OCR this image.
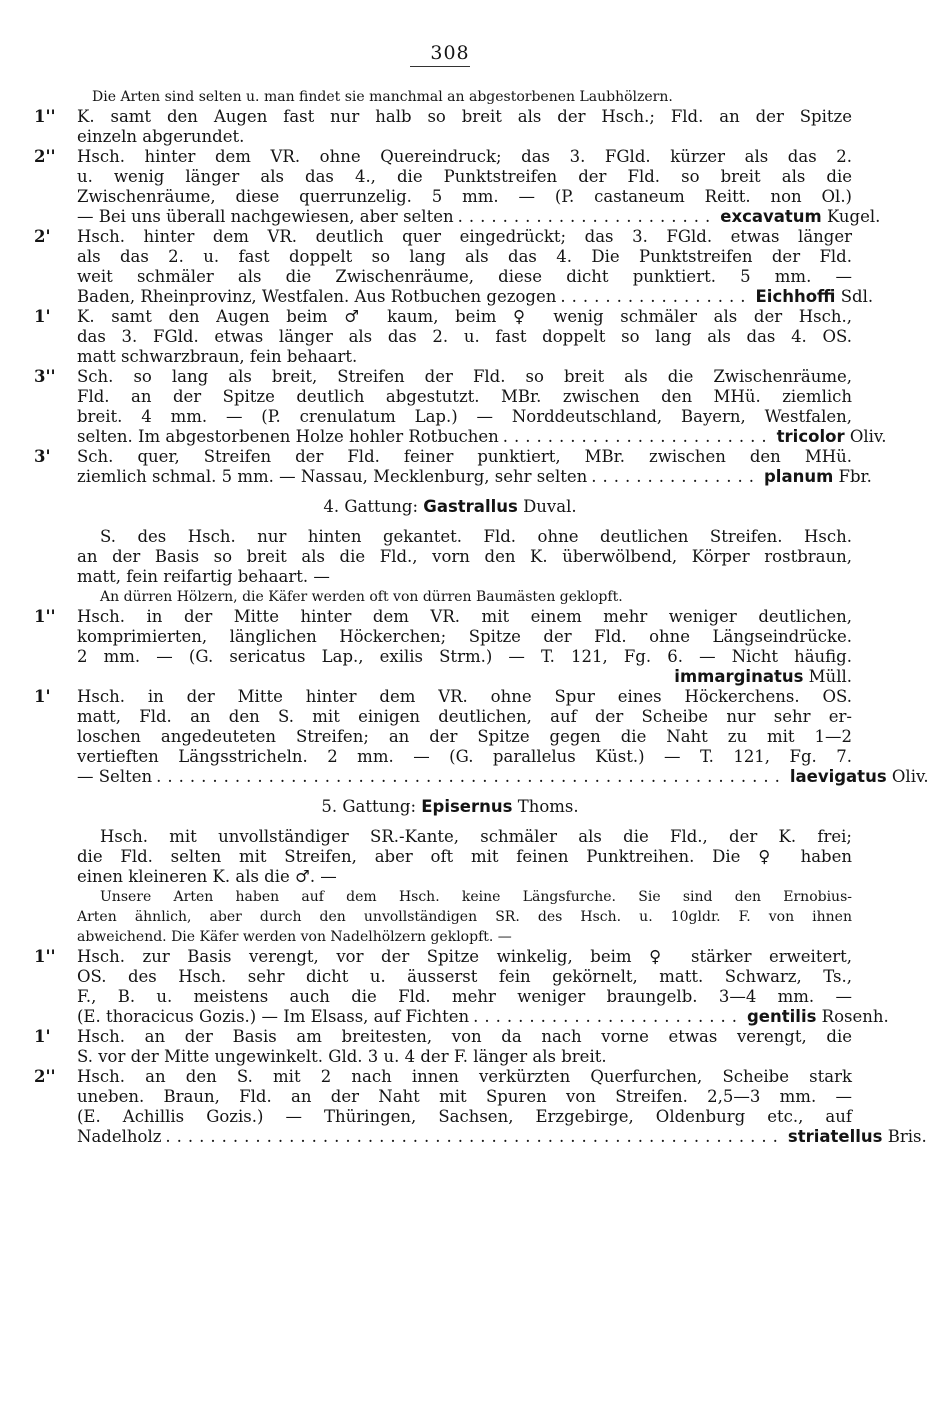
308
Die Arten sind selten u. man findet sie manchmal an abgestorbenen Laubhölzern.
1'' K. samt den Augen fast nur halb so breit als der Hsch.; Fld. an der Spitze
einzeln abgerundet.
2'' Hsch. hinter dem VR. ohne Quereindruck; das 3. FGld. kürzer als das 2.
u. wenig länger als das 4., die Punktstreifen der Fld. so breit als die
Zwischenräume, diese querrunzelig. 5 mm. — (P. castaneum Reitt. non Ol.)
— Bei uns überall nachgewiesen, aber selten ....................... excavatum Kugel.
2' Hsch. hinter dem VR. deutlich quer eingedrückt; das 3. FGld. etwas länger
als das 2. u. fast doppelt so lang als das 4. Die Punktstreifen der Fld.
weit schmäler als die Zwischenräume, diese dicht punktiert. 5 mm. —
Baden, Rheinprovinz, Westfalen. Aus Rotbuchen gezogen ................. Eichhoffi Sdl.
1' K. samt den Augen beim ♂ kaum, beim ♀ wenig schmäler als der Hsch.,
das 3. FGld. etwas länger als das 2. u. fast doppelt so lang als das 4. OS.
matt schwarzbraun, fein behaart.
3'' Sch. so lang als breit, Streifen der Fld. so breit als die Zwischenräume,
Fld. an der Spitze deutlich abgestutzt. MBr. zwischen den MHü. ziemlich
breit. 4 mm. — (P. crenulatum Lap.) — Norddeutschland, Bayern, Westfalen,
selten. Im abgestorbenen Holze hohler Rotbuchen ........................ tricolor Oliv.
3' Sch. quer, Streifen der Fld. feiner punktiert, MBr. zwischen den MHü.
ziemlich schmal. 5 mm. — Nassau, Mecklenburg, sehr selten ............... planum Fbr.
4. Gattung: Gastrallus Duval.
S. des Hsch. nur hinten gekantet. Fld. ohne deutlichen Streifen. Hsch.
an der Basis so breit als die Fld., vorn den K. überwölbend, Körper rostbraun,
matt, fein reifartig behaart. —
An dürren Hölzern, die Käfer werden oft von dürren Baumästen geklopft.
1'' Hsch. in der Mitte hinter dem VR. mit einem mehr weniger deutlichen,
komprimierten, länglichen Höckerchen; Spitze der Fld. ohne Längseindrücke.
2 mm. — (G. sericatus Lap., exilis Strm.) — T. 121, Fg. 6. — Nicht häufig.
immarginatus Müll.
1' Hsch. in der Mitte hinter dem VR. ohne Spur eines Höckerchens. OS.
matt, Fld. an den S. mit einigen deutlichen, auf der Scheibe nur sehr er-
loschen angedeuteten Streifen; an der Spitze gegen die Naht zu mit 1—2
vertieften Längsstricheln. 2 mm. — (G. parallelus Küst.) — T. 121, Fg. 7.
— Selten ........................................................ laevigatus Oliv.
5. Gattung: Episernus Thoms.
Hsch. mit unvollständiger SR.-Kante, schmäler als die Fld., der K. frei;
die Fld. selten mit Streifen, aber oft mit feinen Punktreihen. Die ♀ haben
einen kleineren K. als die ♂. —
Unsere Arten haben auf dem Hsch. keine Längsfurche. Sie sind den Ernobius-
Arten ähnlich, aber durch den unvollständigen SR. des Hsch. u. 10gldr. F. von ihnen
abweichend. Die Käfer werden von Nadelhölzern geklopft. —
1'' Hsch. zur Basis verengt, vor der Spitze winkelig, beim ♀ stärker erweitert,
OS. des Hsch. sehr dicht u. äusserst fein gekörnelt, matt. Schwarz, Ts.,
F., B. u. meistens auch die Fld. mehr weniger braungelb. 3—4 mm. —
(E. thoracicus Gozis.) — Im Elsass, auf Fichten ........................ gentilis Rosenh.
1' Hsch. an der Basis am breitesten, von da nach vorne etwas verengt, die
S. vor der Mitte ungewinkelt. Gld. 3 u. 4 der F. länger als breit.
2'' Hsch. an den S. mit 2 nach innen verkürzten Querfurchen, Scheibe stark
uneben. Braun, Fld. an der Naht mit Spuren von Streifen. 2,5—3 mm. —
(E. Achillis Gozis.) — Thüringen, Sachsen, Erzgebirge, Oldenburg etc., auf
Nadelholz ....................................................... striatellus Bris.
